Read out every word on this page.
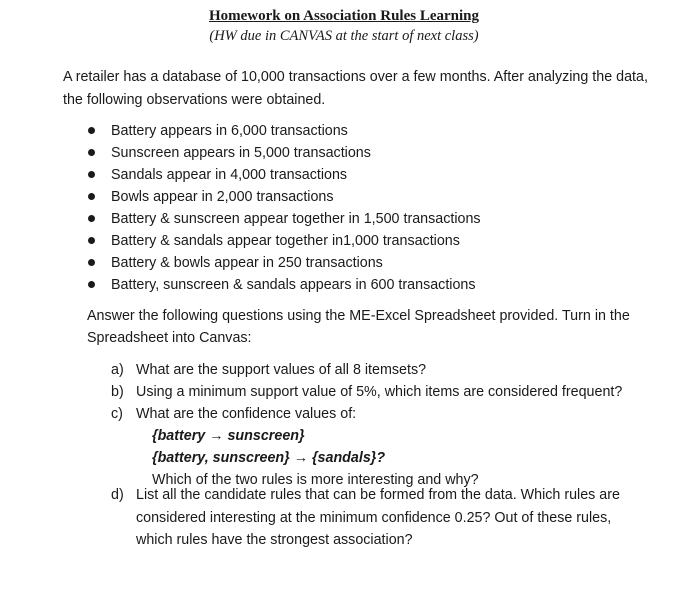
Homework on Association Rules Learning
(HW due in CANVAS at the start of next class)
A retailer has a database of 10,000 transactions over a few months. After analyzing the data, the following observations were obtained.
Battery appears in 6,000 transactions
Sunscreen appears in 5,000 transactions
Sandals appear in 4,000 transactions
Bowls appear in 2,000 transactions
Battery & sunscreen appear together in 1,500 transactions
Battery & sandals appear together in1,000 transactions
Battery & bowls appear in 250 transactions
Battery, sunscreen & sandals appears in 600 transactions
Answer the following questions using the ME-Excel Spreadsheet provided. Turn in the Spreadsheet into Canvas:
a) What are the support values of all 8 itemsets?
b) Using a minimum support value of 5%, which items are considered frequent?
c) What are the confidence values of:
{battery → sunscreen}
{battery, sunscreen} → {sandals}?
Which of the two rules is more interesting and why?
d) List all the candidate rules that can be formed from the data. Which rules are considered interesting at the minimum confidence 0.25? Out of these rules, which rules have the strongest association?
